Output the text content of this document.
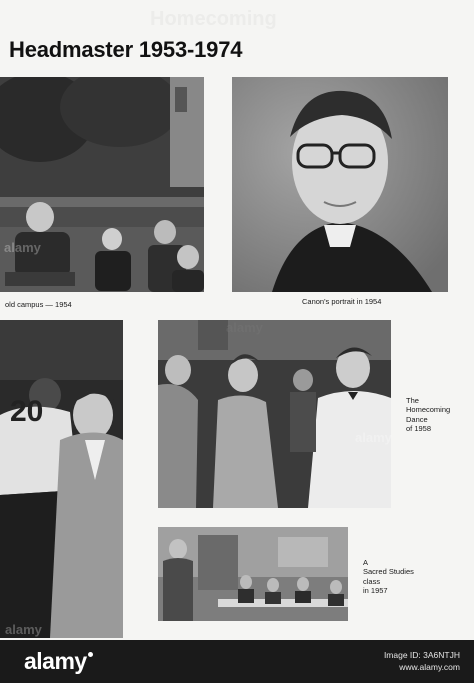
Homecoming
Headmaster 1953-1974
old campus — 1954	Canon's portrait in 1954
20	The
Homecoming
Dance
of 1958
A
Sacred Studies
class
in 1957
alamy
alamy
alamy
alamy
alamy	Image ID: 3A6NTJH
www.alamy.com
